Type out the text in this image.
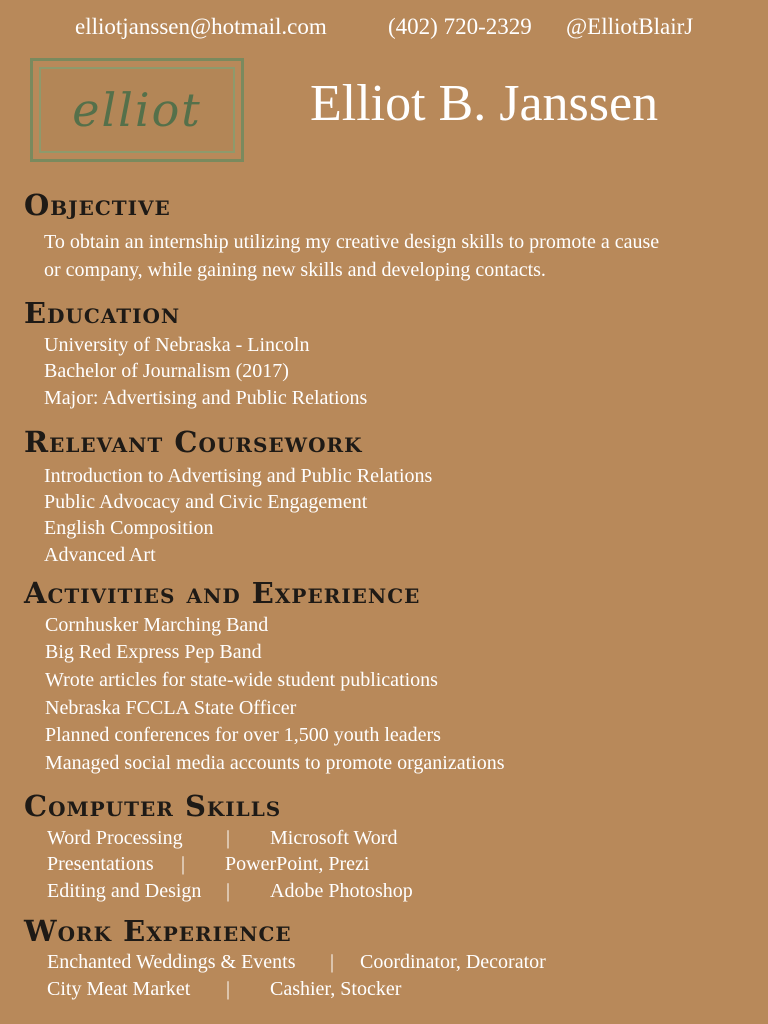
elliotjanssen@hotmail.com	(402) 720-2329 @ElliotBlairJ
elliot	Elliot B. Janssen
Objective
To obtain an internship utilizing my creative design skills to promote a cause
or company, while gaining new skills and developing contacts.
Education
University of Nebraska - Lincoln
Bachelor of Journalism (2017)
Major: Advertising and Public Relations
Relevant Coursework
Introduction to Advertising and Public Relations
Public Advocacy and Civic Engagement
English Composition
Advanced Art
Activities and Experience
Cornhusker Marching Band
Big Red Express Pep Band
Wrote articles for state-wide student publications
Nebraska FCCLA State Officer
Planned conferences for over 1,500 youth leaders
Managed social media accounts to promote organizations
Computer Skills
Word Processing | Microsoft Word
Presentations | PowerPoint, Prezi
Editing and Design | Adobe Photoshop
Work Experience
Enchanted Weddings & Events | Coordinator, Decorator
City Meat Market | Cashier, Stocker
